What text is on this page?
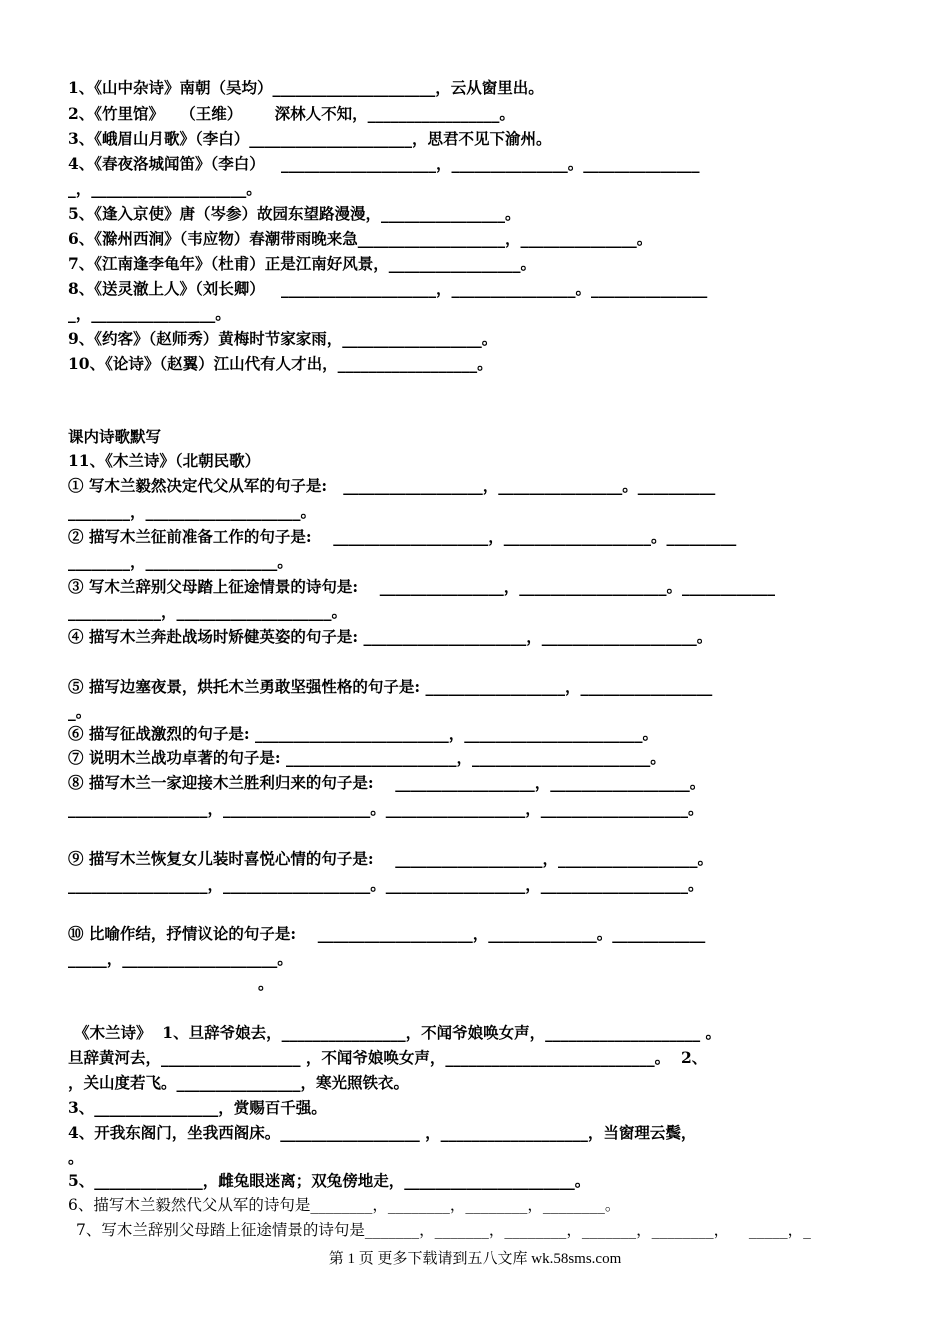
1、《山中杂诗》南朝（吴均）_____________________，云从窗里出。
2、《竹里馆》   （王维）      深林人不知，_________________。
3、《峨眉山月歌》（李白）_____________________，思君不见下渝州。
4、《春夜洛城闻笛》（李白）   ____________________，_______________。_______________
_，____________________。
5、《逢入京使》唐（岑参）故园东望路漫漫，________________。
6、《滁州西涧》（韦应物）春潮带雨晚来急___________________，_______________。
7、《江南逢李龟年》（杜甫）正是江南好风景，_________________。
8、《送灵澈上人》（刘长卿）   ____________________，________________。_______________
_，________________。
9、《约客》（赵师秀）黄梅时节家家雨，__________________。
10、《论诗》（赵翼）江山代有人才出，__________________。
课内诗歌默写
11、《木兰诗》（北朝民歌）
① 写木兰毅然决定代父从军的句子是:   __________________，________________。__________
________，____________________。
② 描写木兰征前准备工作的句子是:    ____________________，___________________。_________
________，_________________。
③ 写木兰辞别父母踏上征途情景的诗句是:    ________________，___________________。____________
____________，____________________。
④ 描写木兰奔赴战场时矫健英姿的句子是: _____________________，____________________。
⑤ 描写边塞夜景，烘托木兰勇敢坚强性格的句子是: __________________，_________________
_。
⑥ 描写征战激烈的句子是: _________________________，_______________________。
⑦ 说明木兰战功卓著的句子是: ______________________，_______________________。
⑧ 描写木兰一家迎接木兰胜利归来的句子是:    __________________，__________________。
__________________，___________________。__________________，___________________。
⑨ 描写木兰恢复女儿装时喜悦心情的句子是:    ___________________，__________________。
__________________，___________________。__________________，___________________。
⑩ 比喻作结，抒情议论的句子是:    ____________________，______________。____________
_____，____________________。
。
《木兰诗》  1、旦辞爷娘去，________________，不闻爷娘唤女声，____________________ 。
旦辞黄河去，__________________ ，不闻爷娘唤女声，___________________________。  2、
，关山度若飞。________________，寒光照铁衣。
3、________________，赏赐百千强。
4、开我东阁门，坐我西阁床。__________________ ，___________________，当窗理云鬓，
。
5、______________，雌兔眼迷离；双兔傍地走，______________________。
6、描写木兰毅然代父从军的诗句是________，________，________，________。
7、写木兰辞别父母踏上征途情景的诗句是_______，_______，________，_______，________，    _____，_
第 1 页 更多下载请到五八文库 wk.58sms.com
